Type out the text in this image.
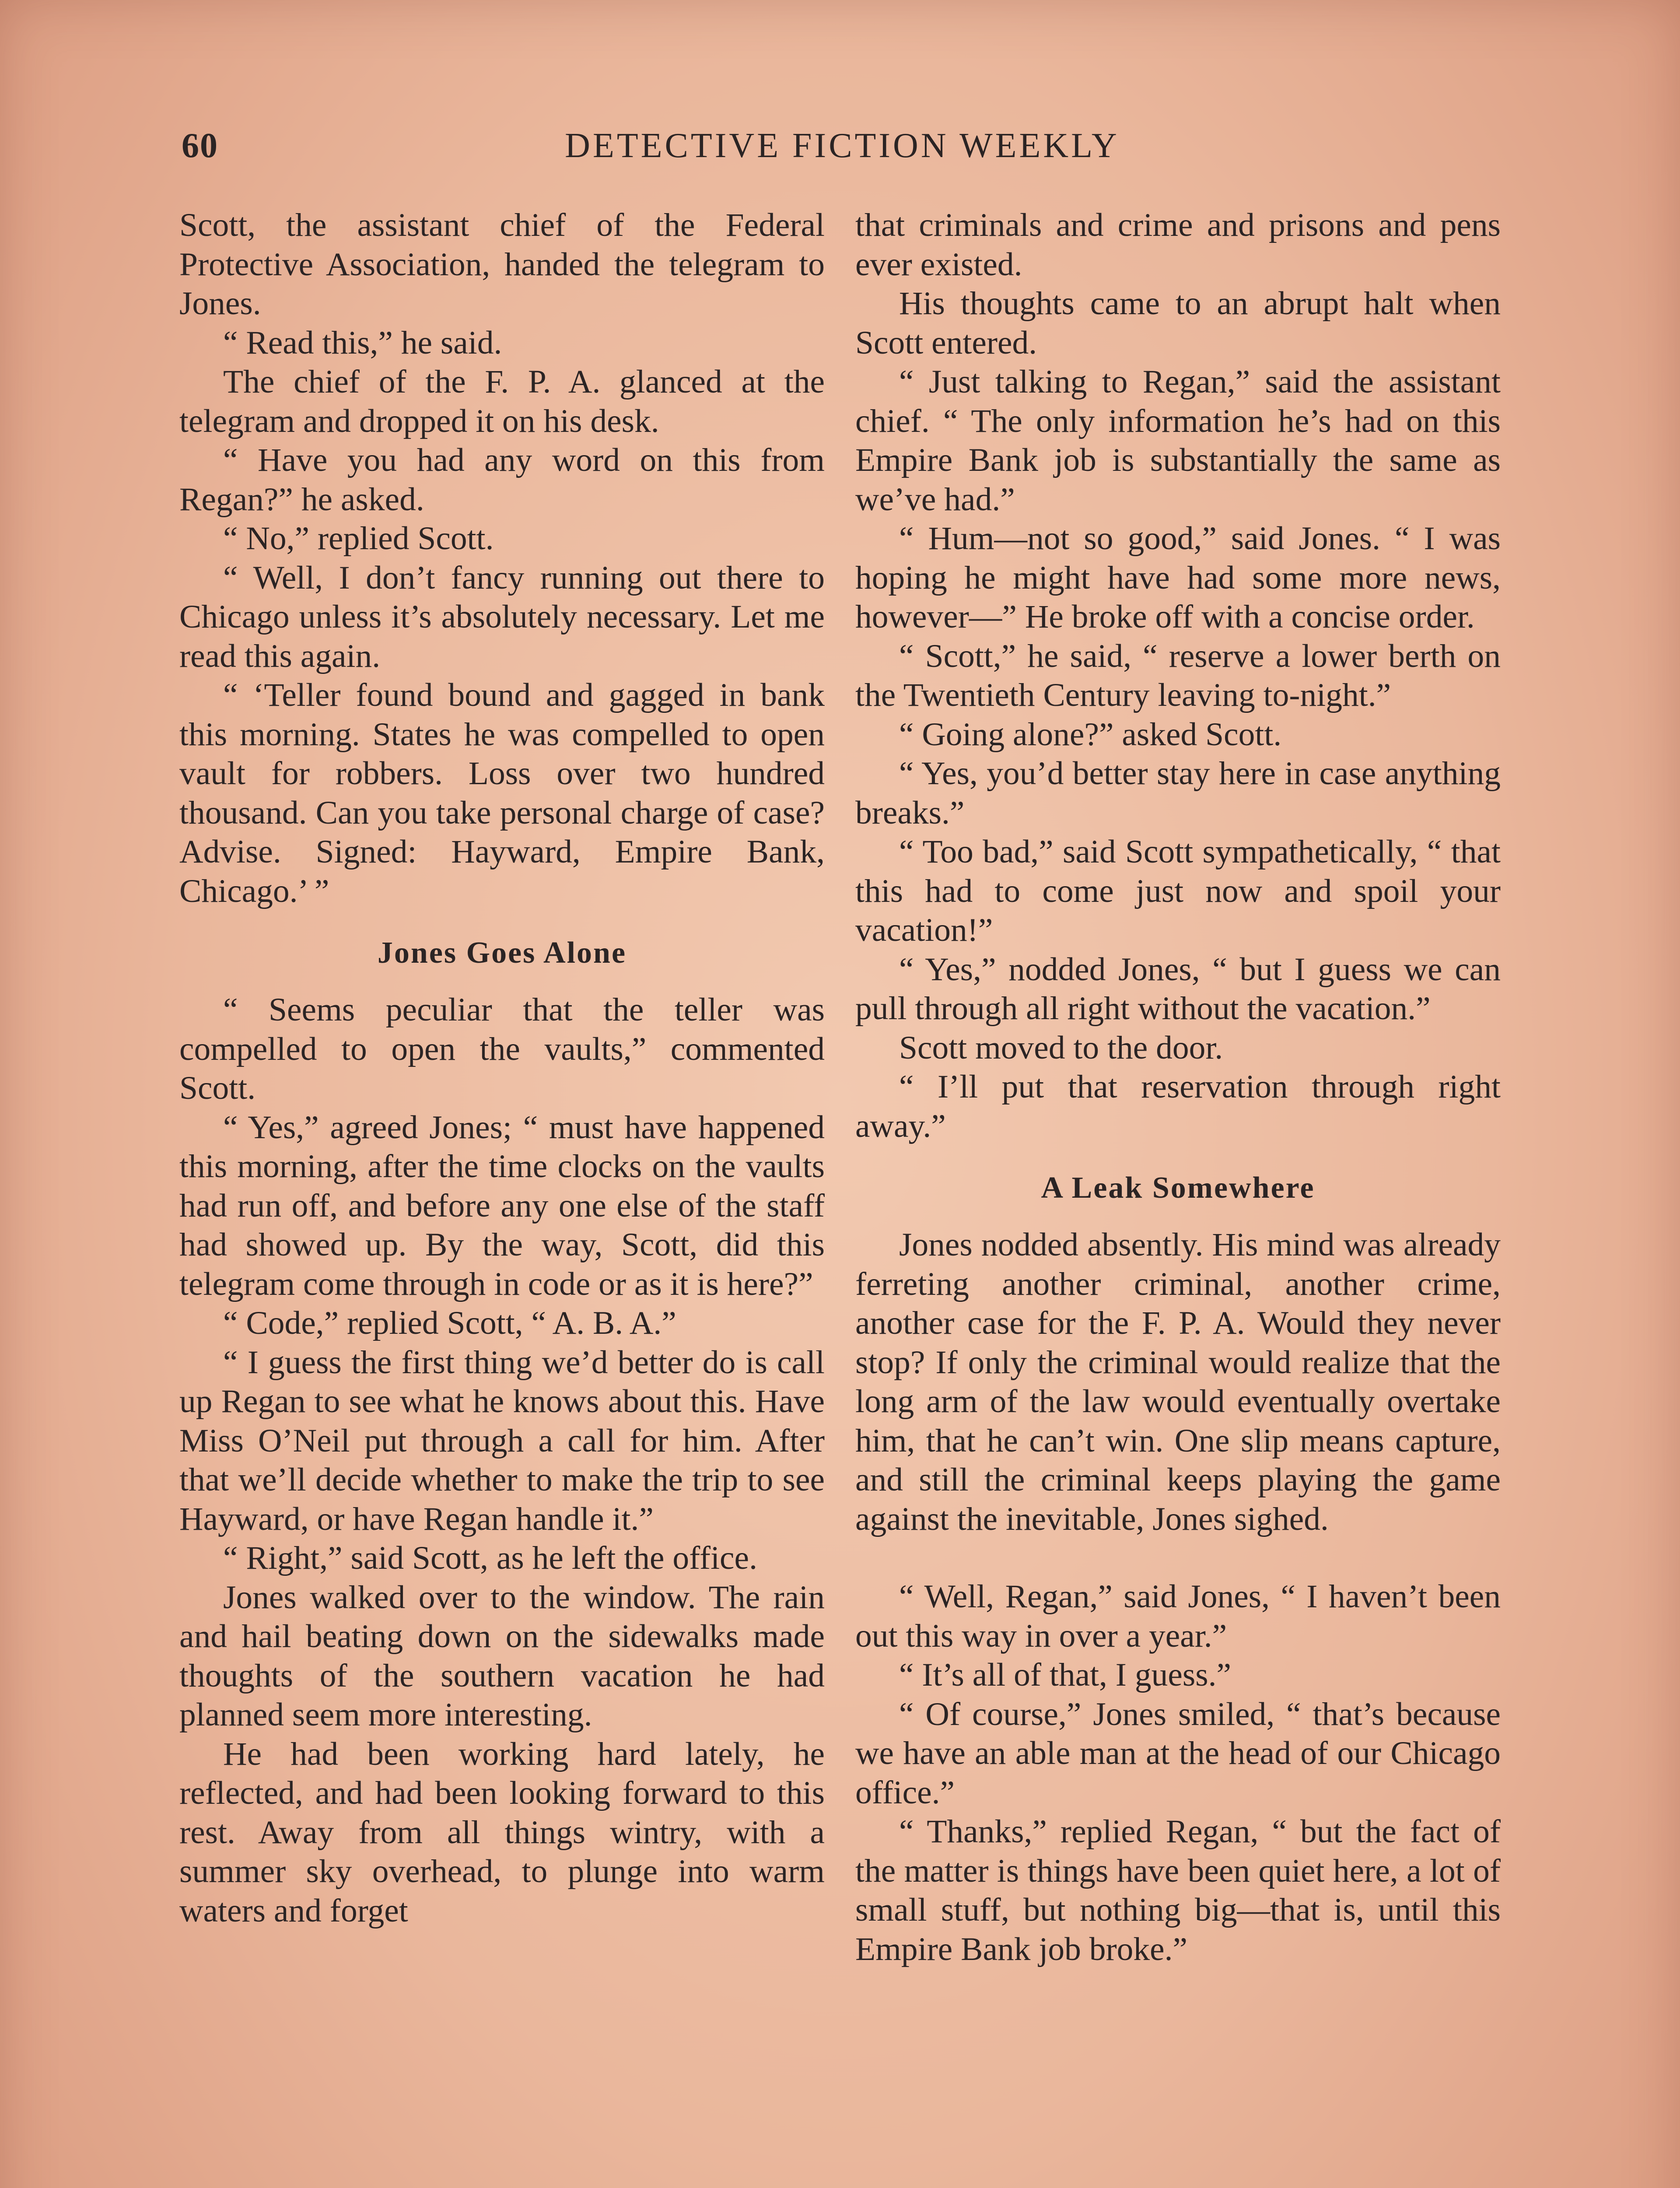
60	DETECTIVE FICTION WEEKLY

Scott, the assistant chief of the Federal Protective Association, handed the telegram to Jones.

“ Read this,” he said.

The chief of the F. P. A. glanced at the telegram and dropped it on his desk.

“ Have you had any word on this from Regan?” he asked.

“ No,” replied Scott.

“ Well, I don’t fancy running out there to Chicago unless it’s absolutely necessary. Let me read this again.

“ ‘Teller found bound and gagged in bank this morning. States he was compelled to open vault for robbers. Loss over two hundred thousand. Can you take personal charge of case? Advise. Signed: Hayward, Empire Bank, Chicago.’ ”

Jones Goes Alone

“ Seems peculiar that the teller was compelled to open the vaults,” commented Scott.

“ Yes,” agreed Jones; “ must have happened this morning, after the time clocks on the vaults had run off, and before any one else of the staff had showed up. By the way, Scott, did this telegram come through in code or as it is here?”

“ Code,” replied Scott, “ A. B. A.”

“ I guess the first thing we’d better do is call up Regan to see what he knows about this. Have Miss O’Neil put through a call for him. After that we’ll decide whether to make the trip to see Hayward, or have Regan handle it.”

“ Right,” said Scott, as he left the office.

Jones walked over to the window. The rain and hail beating down on the sidewalks made thoughts of the southern vacation he had planned seem more interesting.

He had been working hard lately, he reflected, and had been looking forward to this rest. Away from all things wintry, with a summer sky overhead, to plunge into warm waters and forget

that criminals and crime and prisons and pens ever existed.

His thoughts came to an abrupt halt when Scott entered.

“ Just talking to Regan,” said the assistant chief. “ The only information he’s had on this Empire Bank job is substantially the same as we’ve had.”

“ Hum—not so good,” said Jones. “ I was hoping he might have had some more news, however—” He broke off with a concise order.

“ Scott,” he said, “ reserve a lower berth on the Twentieth Century leaving to-night.”

“ Going alone?” asked Scott.

“ Yes, you’d better stay here in case anything breaks.”

“ Too bad,” said Scott sympathetically, “ that this had to come just now and spoil your vacation!”

“ Yes,” nodded Jones, “ but I guess we can pull through all right without the vacation.”

Scott moved to the door.

“ I’ll put that reservation through right away.”

A Leak Somewhere

Jones nodded absently. His mind was already ferreting another criminal, another crime, another case for the F. P. A. Would they never stop? If only the criminal would realize that the long arm of the law would eventually overtake him, that he can’t win. One slip means capture, and still the criminal keeps playing the game against the inevitable, Jones sighed.

“ Well, Regan,” said Jones, “ I haven’t been out this way in over a year.”

“ It’s all of that, I guess.”

“ Of course,” Jones smiled, “ that’s because we have an able man at the head of our Chicago office.”

“ Thanks,” replied Regan, “ but the fact of the matter is things have been quiet here, a lot of small stuff, but nothing big—that is, until this Empire Bank job broke.”
